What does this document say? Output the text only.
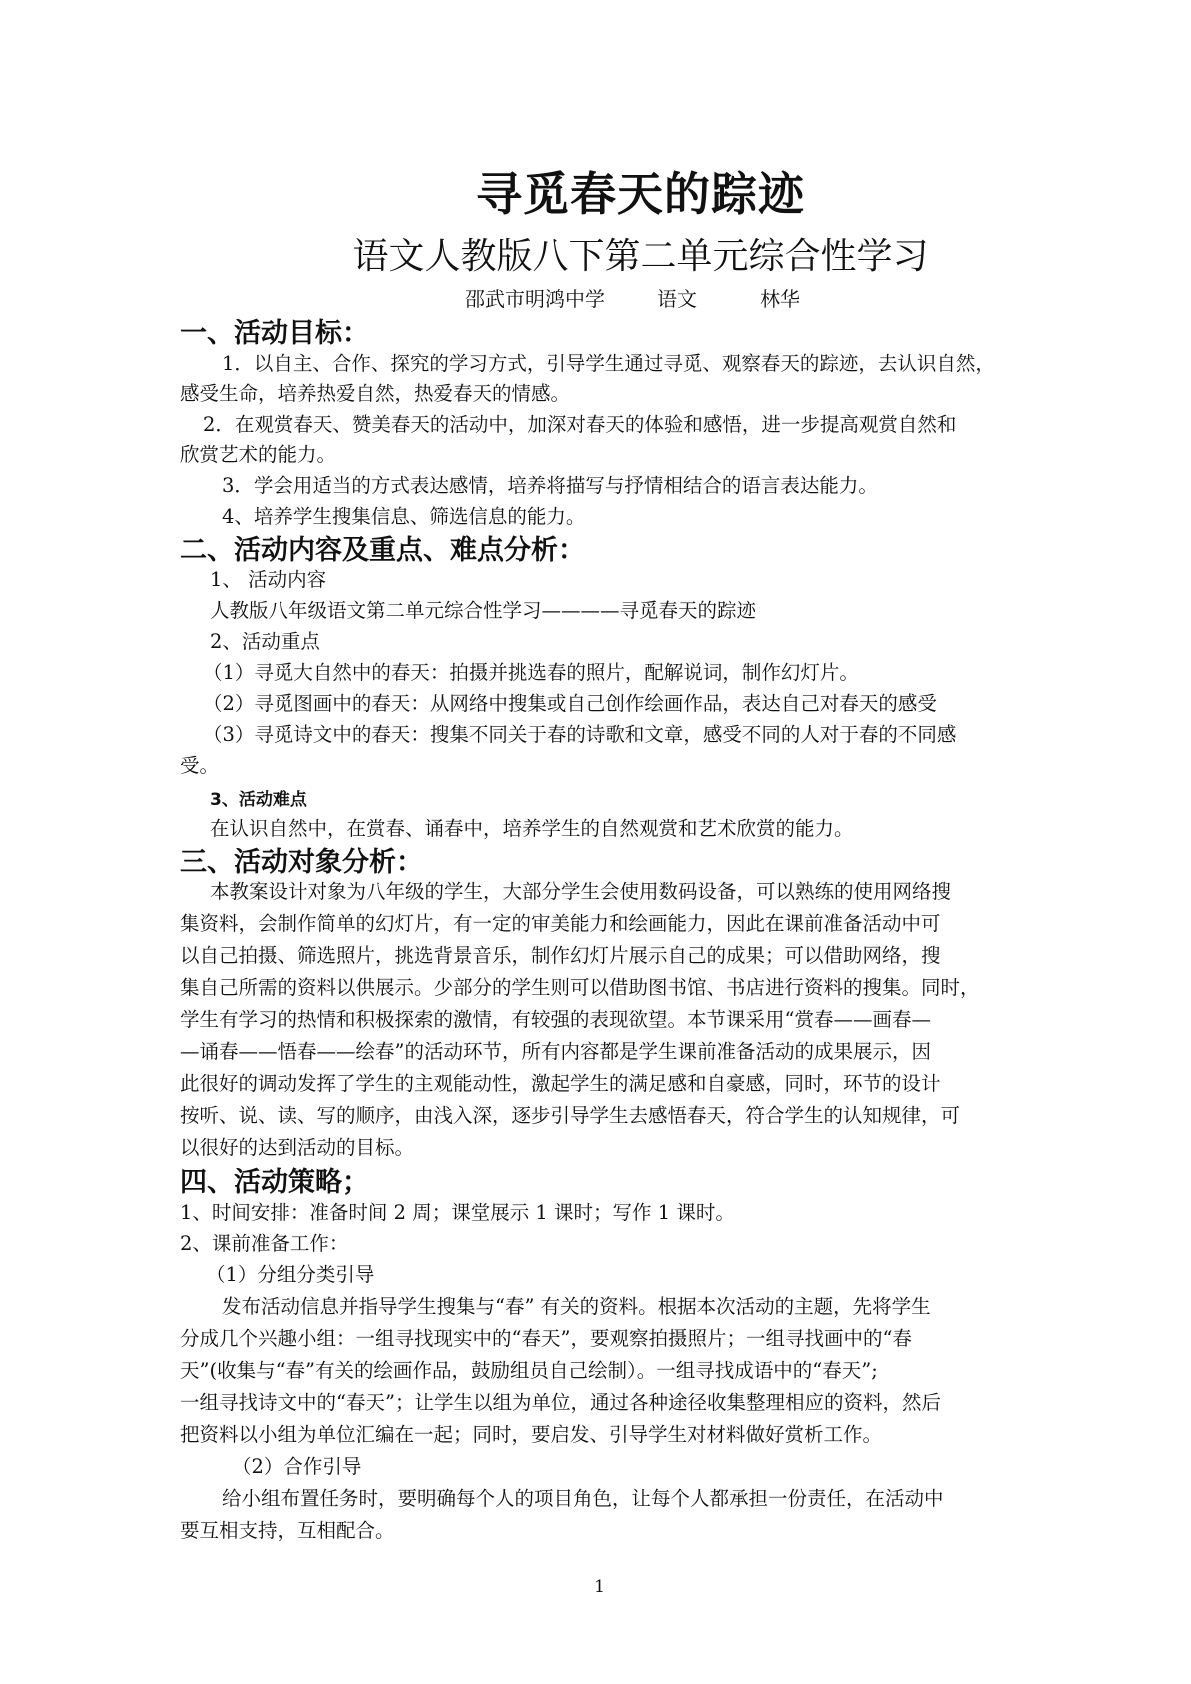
寻觅春天的踪迹
语文人教版八下第二单元综合性学习
邵武市明鸿中学	语文	林华
一、活动目标：
1．以自主、合作、探究的学习方式，引导学生通过寻觅、观察春天的踪迹，去认识自然，
感受生命，培养热爱自然，热爱春天的情感。
2．在观赏春天、赞美春天的活动中，加深对春天的体验和感悟，进一步提高观赏自然和
欣赏艺术的能力。
3．学会用适当的方式表达感情，培养将描写与抒情相结合的语言表达能力。
4、培养学生搜集信息、筛选信息的能力。
二、活动内容及重点、难点分析：
1、 活动内容
人教版八年级语文第二单元综合性学习————寻觅春天的踪迹
2、活动重点
（1）寻觅大自然中的春天：拍摄并挑选春的照片，配解说词，制作幻灯片。
（2）寻觅图画中的春天：从网络中搜集或自己创作绘画作品，表达自己对春天的感受
（3）寻觅诗文中的春天：搜集不同关于春的诗歌和文章，感受不同的人对于春的不同感
受。
3、活动难点
在认识自然中，在赏春、诵春中，培养学生的自然观赏和艺术欣赏的能力。
三、活动对象分析：
本教案设计对象为八年级的学生，大部分学生会使用数码设备，可以熟练的使用网络搜
集资料，会制作简单的幻灯片，有一定的审美能力和绘画能力，因此在课前准备活动中可
以自己拍摄、筛选照片，挑选背景音乐，制作幻灯片展示自己的成果；可以借助网络，搜
集自己所需的资料以供展示。少部分的学生则可以借助图书馆、书店进行资料的搜集。同时，
学生有学习的热情和积极探索的激情，有较强的表现欲望。本节课采用“赏春——画春—
—诵春——悟春——绘春”的活动环节，所有内容都是学生课前准备活动的成果展示，因
此很好的调动发挥了学生的主观能动性，激起学生的满足感和自豪感，同时，环节的设计
按听、说、读、写的顺序，由浅入深，逐步引导学生去感悟春天，符合学生的认知规律，可
以很好的达到活动的目标。
四、活动策略；
1、时间安排：准备时间 2 周；课堂展示 1 课时；写作 1 课时。
2、课前准备工作：
（1）分组分类引导
发布活动信息并指导学生搜集与“春” 有关的资料。根据本次活动的主题，先将学生
分成几个兴趣小组：一组寻找现实中的“春天”，要观察拍摄照片；一组寻找画中的“春
天”(收集与“春”有关的绘画作品，鼓励组员自己绘制）。一组寻找成语中的“春天”;
一组寻找诗文中的“春天”；让学生以组为单位，通过各种途径收集整理相应的资料，然后
把资料以小组为单位汇编在一起；同时，要启发、引导学生对材料做好赏析工作。
（2）合作引导
给小组布置任务时，要明确每个人的项目角色，让每个人都承担一份责任，在活动中
要互相支持，互相配合。
1
